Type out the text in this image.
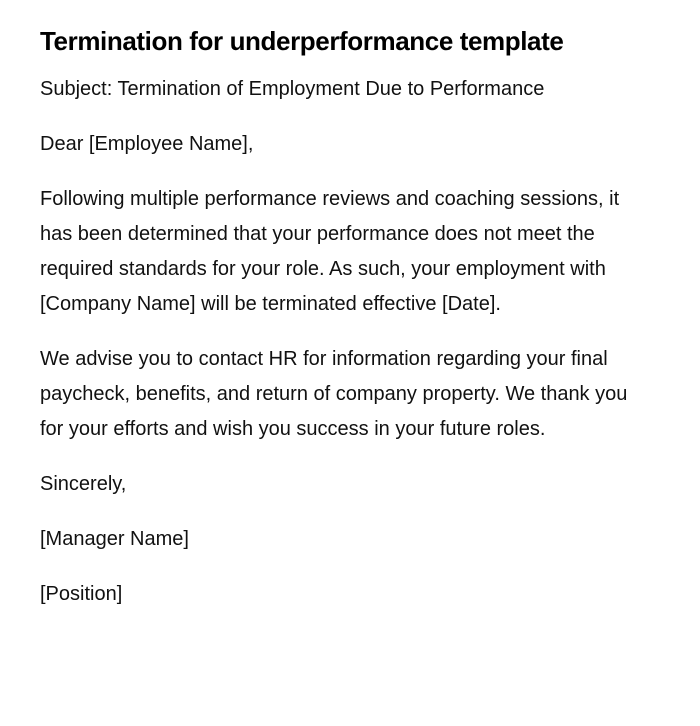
Termination for underperformance template

Subject: Termination of Employment Due to Performance

Dear [Employee Name],

Following multiple performance reviews and coaching sessions, it has been determined that your performance does not meet the required standards for your role. As such, your employment with [Company Name] will be terminated effective [Date].

We advise you to contact HR for information regarding your final paycheck, benefits, and return of company property. We thank you for your efforts and wish you success in your future roles.

Sincerely,

[Manager Name]

[Position]
